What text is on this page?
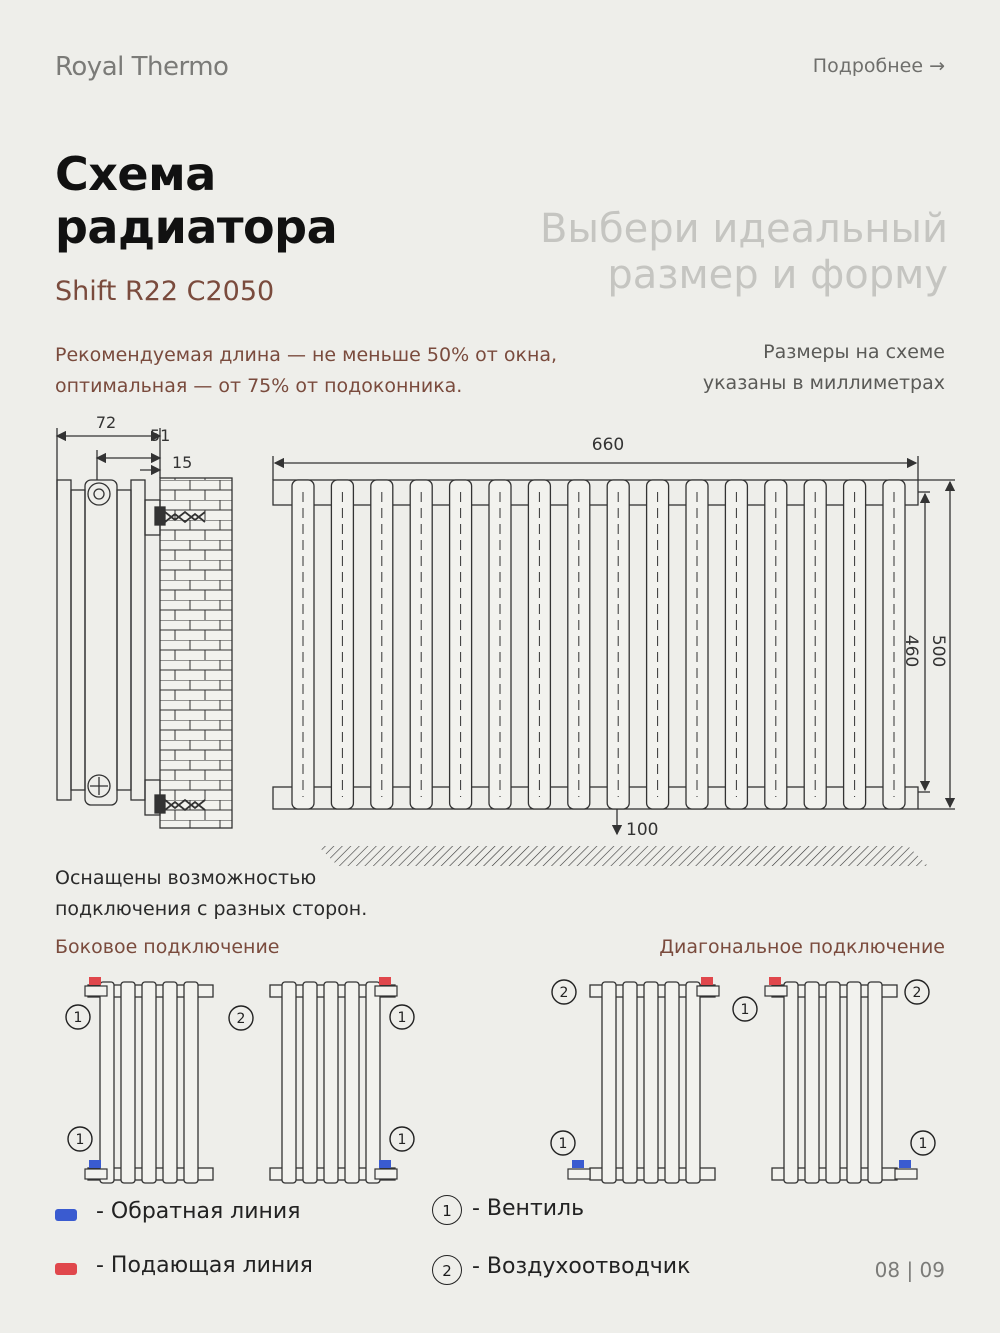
Royal Thermo	Подробнее →
Схема
радиатора
Shift R22 C2050
Выбери идеальный
размер и форму
Рекомендуемая длина — не меньше 50% от окна,
оптимальная — от 75% от подоконника.
Размеры на схеме
указаны в миллиметрах
72
51
15
660
460 500
100
Оснащены возможностью
подключения с разных сторон.
Боковое подключение	Диагональное подключение
1
1
2	1
1
2
1
1
2
1
- Обратная линия
- Подающая линия
1 - Вентиль
2 - Воздухоотводчик	08 | 09
